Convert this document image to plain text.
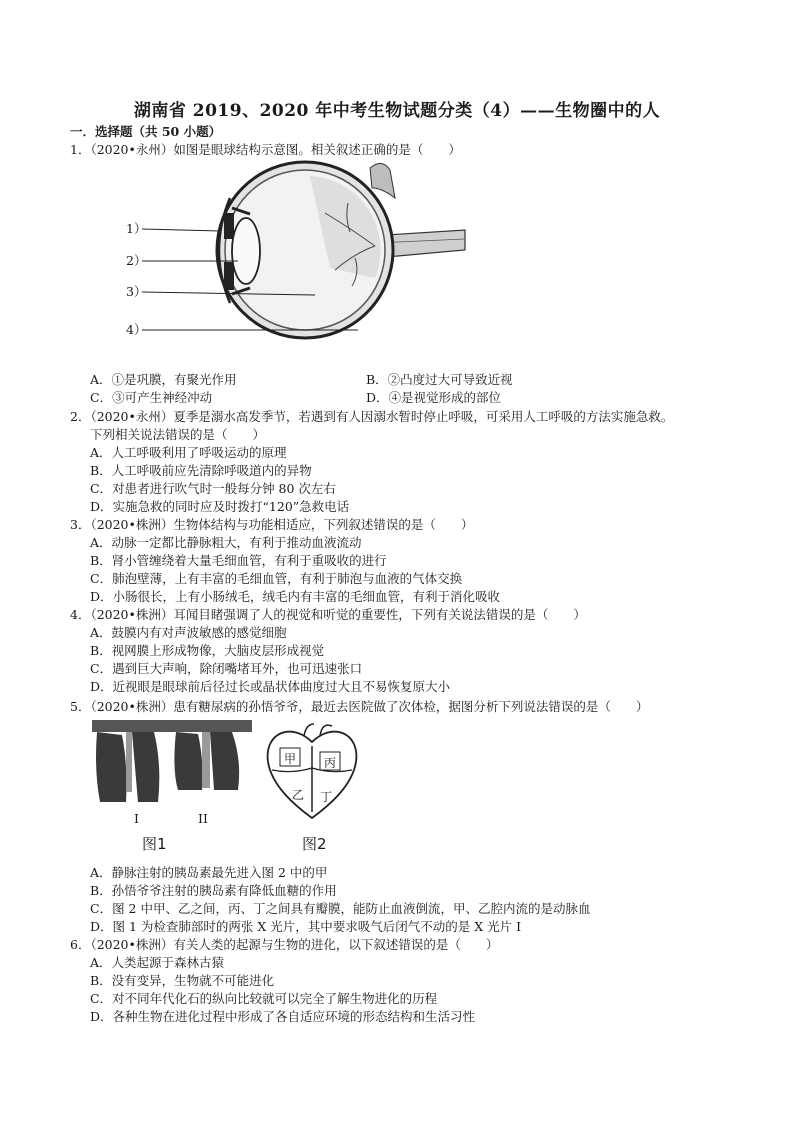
湖南省 2019、2020 年中考生物试题分类（4）——生物圈中的人
一．选择题（共 50 小题）
1．（2020•永州）如图是眼球结构示意图。相关叙述正确的是（　　）
1）
2）
3）
4）
A．①是巩膜，有聚光作用	B．②凸度过大可导致近视
C．③可产生神经冲动	D．④是视觉形成的部位
2．（2020•永州）夏季是溺水高发季节，若遇到有人因溺水暂时停止呼吸，可采用人工呼吸的方法实施急救。
下列相关说法错误的是（　　）
A．人工呼吸利用了呼吸运动的原理
B．人工呼吸前应先清除呼吸道内的异物
C．对患者进行吹气时一般每分钟 80 次左右
D．实施急救的同时应及时拨打“120”急救电话
3．（2020•株洲）生物体结构与功能相适应，下列叙述错误的是（　　）
A．动脉一定都比静脉粗大，有利于推动血液流动
B．肾小管缠绕着大量毛细血管，有利于重吸收的进行
C．肺泡壁薄，上有丰富的毛细血管，有利于肺泡与血液的气体交换
D．小肠很长，上有小肠绒毛，绒毛内有丰富的毛细血管，有利于消化吸收
4．（2020•株洲）耳闻目睹强调了人的视觉和听觉的重要性，下列有关说法错误的是（　　）
A．鼓膜内有对声波敏感的感觉细胞
B．视网膜上形成物像，大脑皮层形成视觉
C．遇到巨大声响，除闭嘴堵耳外，也可迅速张口
D．近视眼是眼球前后径过长或晶状体曲度过大且不易恢复原大小
5．（2020•株洲）患有糖尿病的孙悟爷爷，最近去医院做了次体检，据图分析下列说法错误的是（　　）
I	II
图1
甲 丙
乙 丁
图2
A．静脉注射的胰岛素最先进入图 2 中的甲
B．孙悟爷爷注射的胰岛素有降低血糖的作用
C．图 2 中甲、乙之间，丙、丁之间具有瓣膜，能防止血液倒流，甲、乙腔内流的是动脉血
D．图 1 为检查肺部时的两张 X 光片，其中要求吸气后闭气不动的是 X 光片 I
6．（2020•株洲）有关人类的起源与生物的进化，以下叙述错误的是（　　）
A．人类起源于森林古猿
B．没有变异，生物就不可能进化
C．对不同年代化石的纵向比较就可以完全了解生物进化的历程
D．各种生物在进化过程中形成了各自适应环境的形态结构和生活习性
